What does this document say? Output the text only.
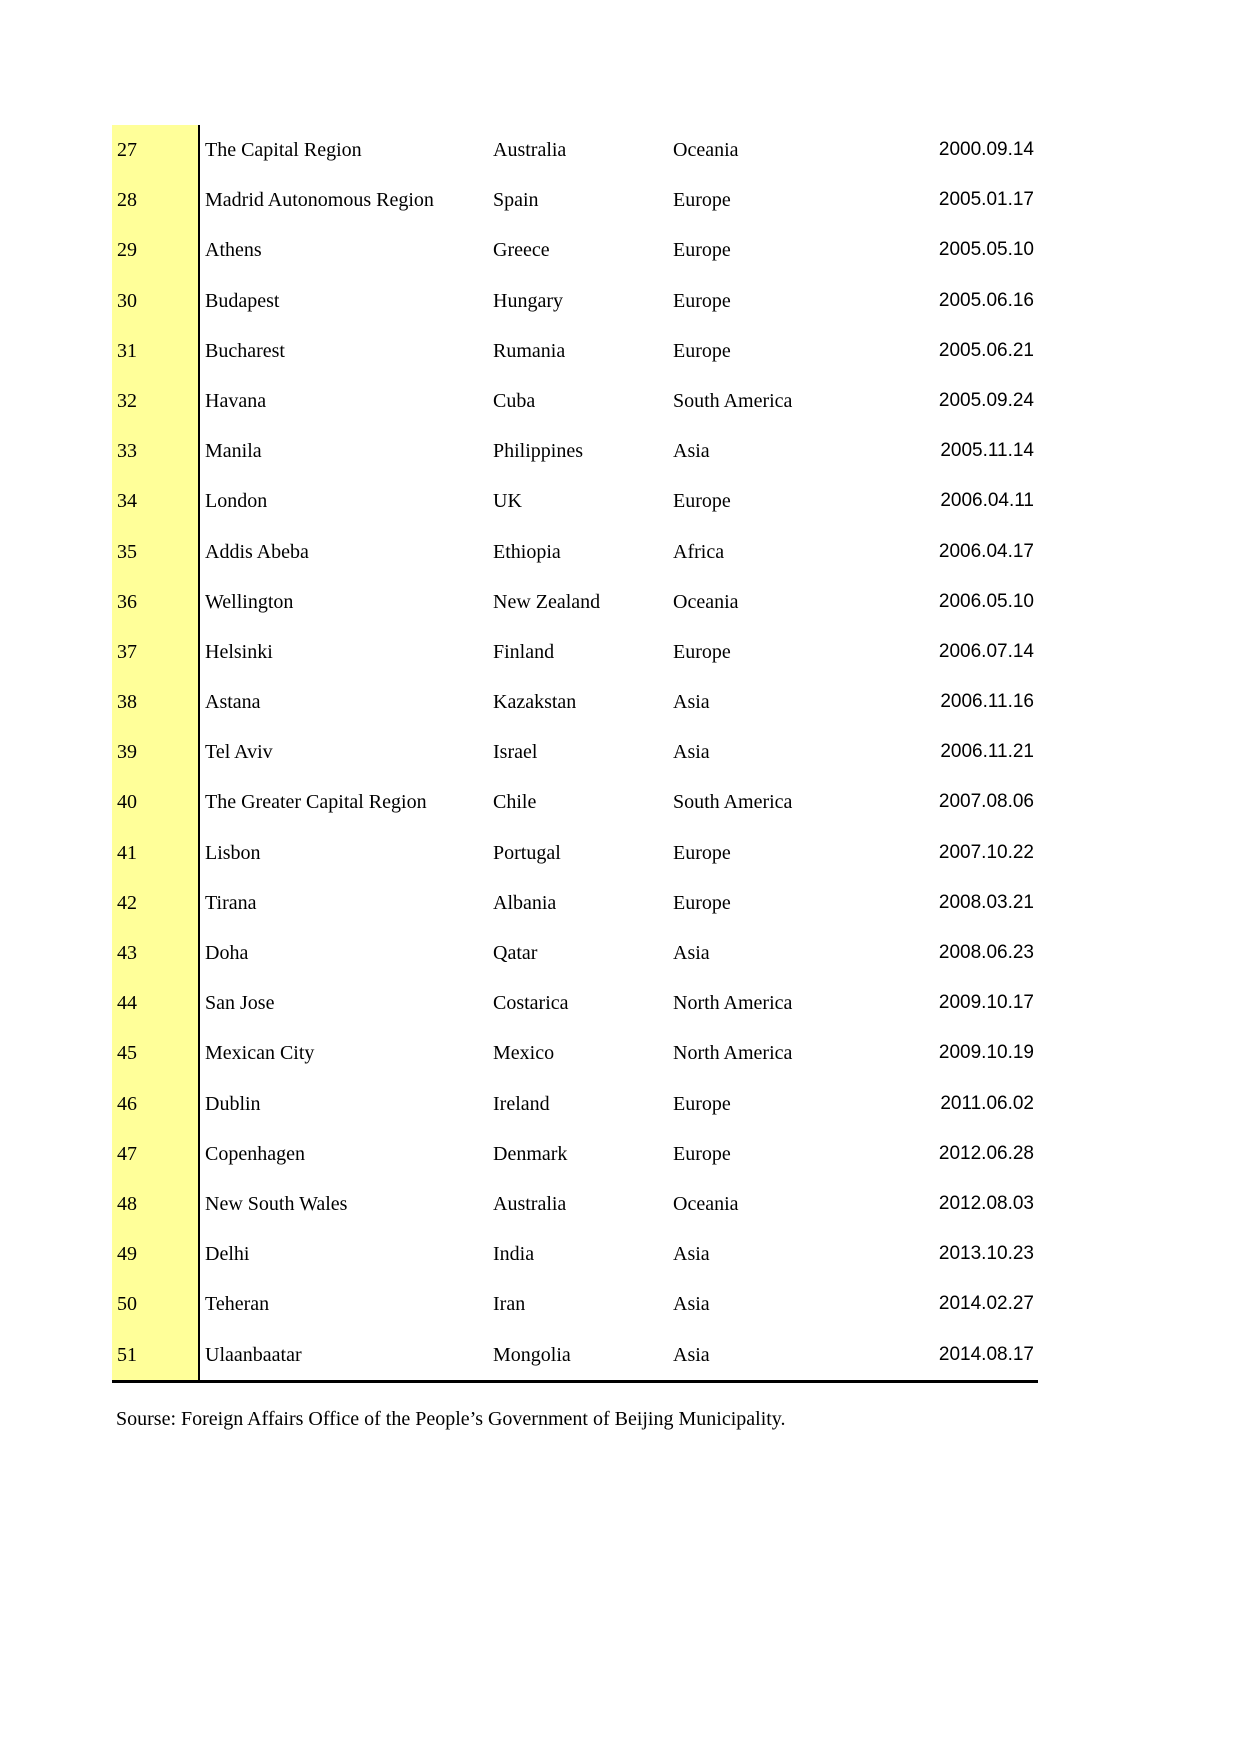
27	The Capital Region	Australia	Oceania	2000.09.14
28	Madrid Autonomous Region	Spain	Europe	2005.01.17
29	Athens	Greece	Europe	2005.05.10
30	Budapest	Hungary	Europe	2005.06.16
31	Bucharest	Rumania	Europe	2005.06.21
32	Havana	Cuba	South America	2005.09.24
33	Manila	Philippines	Asia	2005.11.14
34	London	UK	Europe	2006.04.11
35	Addis Abeba	Ethiopia	Africa	2006.04.17
36	Wellington	New Zealand	Oceania	2006.05.10
37	Helsinki	Finland	Europe	2006.07.14
38	Astana	Kazakstan	Asia	2006.11.16
39	Tel Aviv	Israel	Asia	2006.11.21
40	The Greater Capital Region	Chile	South America	2007.08.06
41	Lisbon	Portugal	Europe	2007.10.22
42	Tirana	Albania	Europe	2008.03.21
43	Doha	Qatar	Asia	2008.06.23
44	San Jose	Costarica	North America	2009.10.17
45	Mexican City	Mexico	North America	2009.10.19
46	Dublin	Ireland	Europe	2011.06.02
47	Copenhagen	Denmark	Europe	2012.06.28
48	New South Wales	Australia	Oceania	2012.08.03
49	Delhi	India	Asia	2013.10.23
50	Teheran	Iran	Asia	2014.02.27
51	Ulaanbaatar	Mongolia	Asia	2014.08.17
Sourse: Foreign Affairs Office of the People’s Government of Beijing Municipality.
